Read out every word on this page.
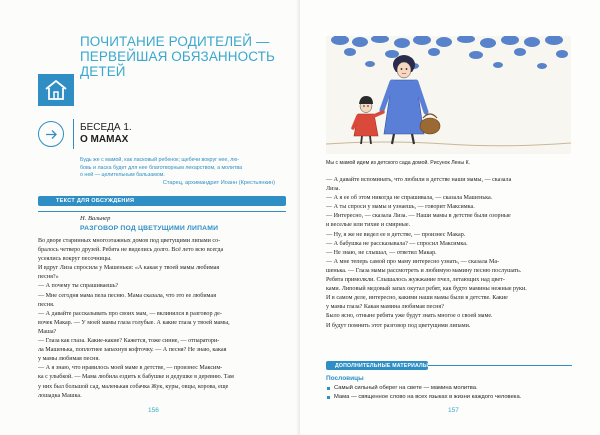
ПОЧИТАНИЕ РОДИТЕЛЕЙ —
ПЕРВЕЙШАЯ ОБЯЗАННОСТЬ
ДЕТЕЙ
БЕСЕДА 1.
О МАМАХ
Будь же с мамой, как ласковый ребенок; щебечи вокруг нее, лю-
бовь и ласка будет для нее благотворным лекарством, а молитва
о ней — целительным бальзамом.
Старец, архимандрит Иоанн (Крестьянкин)
ТЕКСТ ДЛЯ ОБСУЖДЕНИЯ
Н. Вальнер
РАЗГОВОР ПОД ЦВЕТУЩИМИ ЛИПАМИ
Во дворе старинных многоэтажных домов под цветущими липами со-
бралось четверо друзей. Ребята не виделись долго. Всё лето всю всегда
усеялись вокруг песочницы.
И вдруг Лиза спросила у Машеньки: «А какая у твоей мамы любимая
песня?»
— А почему ты спрашиваешь?
— Мне сегодня мама пела песню. Мама сказала, что это ее любимая
песня.
— А давайте рассказывать про своих мам, — вклинился в разговор де-
вочек Макар. — У моей мамы глаза голубые. А какие глаза у твоей мамы,
Маша?
— Глаза как глаза. Какие-какие? Кажется, тоже синие, — отпаратори-
ла Машенька, поплотнее запахнув кофточку. — А песня? Не знаю, какая
у мамы любимая песня.
— А я знаю, что нравилось моей маме в детстве, — произнес Максим-
ка с улыбкой. — Мама любила ездить к бабушке и дедушке в деревню. Там
у них был большой сад, маленькая собачка Жук, куры, овцы, корова, еще
лошадка Машка.
156
Мы с мамой идем из детского сада домой. Рисунок Лены К.
— А давайте вспоминать, что любили в детстве наши мамы, — сказала
Лиза.
— А я ее об этом никогда не спрашивала, — сказала Машенька.
— А ты спроси у мамы и узнаешь, — говорит Максимка.
— Интересно, — сказала Лиза. — Наши мамы в детстве были озорные
и веселые или тихие и смирные.
— Ну, я же не видел ее в детстве, — произнес Макар.
— А бабушка не рассказывала? — спросил Максимка.
— Не знаю, не слышал, — ответил Макар.
— А мне теперь самой про маму интересно узнать, — сказала Ма-
шенька. — Глаза мамы рассмотреть и любимую мамину песню послушать.
Ребята примолкли. Слышалось жужжание пчел, летающих над цвет-
ками. Липовый медовый запах окутал ребят, как будто мамины нежные руки.
И в самом деле, интересно, какими наши мамы были в детстве. Какие
у мамы глаза? Какая мамина любимая песня?
Было ясно, отныне ребята уже будут знать многое о своей маме.
И будут помнить этот разговор под цветущими липами.
ДОПОЛНИТЕЛЬНЫЕ МАТЕРИАЛЫ
Пословицы
Самый сильный оберег на свете — мамина молитва.
Мама — священное слово на всех языках в жизни каждого человека.
157
